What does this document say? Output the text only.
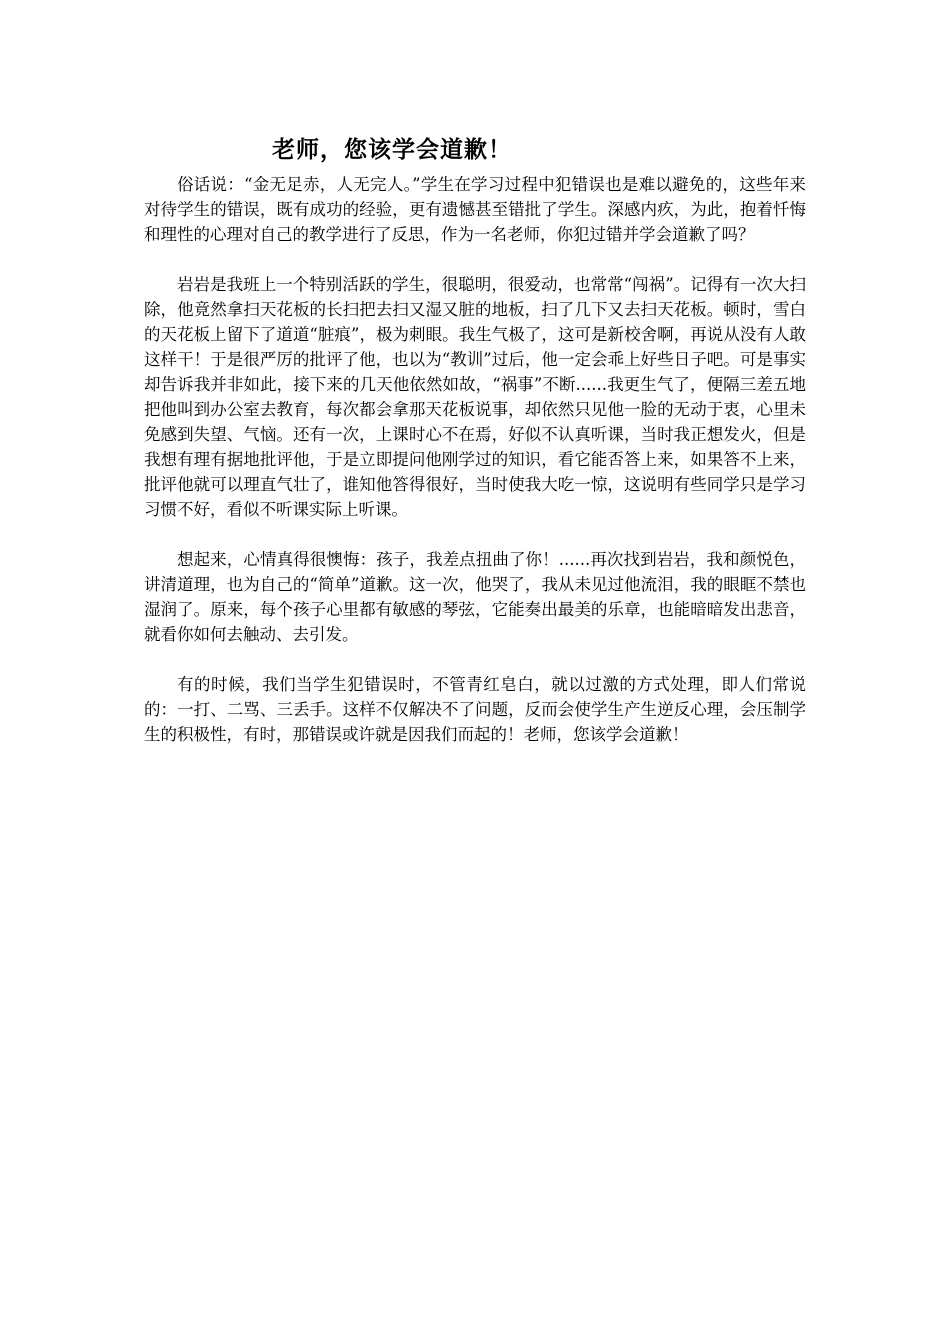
老师，您该学会道歉！

俗话说：“金无足赤，人无完人。”学生在学习过程中犯错误也是难以避免的，这些年来对待学生的错误，既有成功的经验，更有遗憾甚至错批了学生。深感内疚，为此，抱着忏悔和理性的心理对自己的教学进行了反思，作为一名老师，你犯过错并学会道歉了吗？

岩岩是我班上一个特别活跃的学生，很聪明，很爱动，也常常“闯祸”。记得有一次大扫除，他竟然拿扫天花板的长扫把去扫又湿又脏的地板，扫了几下又去扫天花板。顿时，雪白的天花板上留下了道道“脏痕”，极为刺眼。我生气极了，这可是新校舍啊，再说从没有人敢这样干！于是很严厉的批评了他，也以为“教训”过后，他一定会乖上好些日子吧。可是事实却告诉我并非如此，接下来的几天他依然如故，“祸事”不断......我更生气了，便隔三差五地把他叫到办公室去教育，每次都会拿那天花板说事，却依然只见他一脸的无动于衷，心里未免感到失望、气恼。还有一次，上课时心不在焉，好似不认真听课，当时我正想发火，但是我想有理有据地批评他，于是立即提问他刚学过的知识，看它能否答上来，如果答不上来，批评他就可以理直气壮了，谁知他答得很好，当时使我大吃一惊，这说明有些同学只是学习习惯不好，看似不听课实际上听课。

想起来，心情真得很懊悔：孩子，我差点扭曲了你！......再次找到岩岩，我和颜悦色，讲清道理，也为自己的“简单”道歉。这一次，他哭了，我从未见过他流泪，我的眼眶不禁也湿润了。原来，每个孩子心里都有敏感的琴弦，它能奏出最美的乐章，也能暗暗发出悲音，就看你如何去触动、去引发。

有的时候，我们当学生犯错误时，不管青红皂白，就以过激的方式处理，即人们常说的：一打、二骂、三丢手。这样不仅解决不了问题，反而会使学生产生逆反心理，会压制学生的积极性，有时，那错误或许就是因我们而起的！老师，您该学会道歉！
